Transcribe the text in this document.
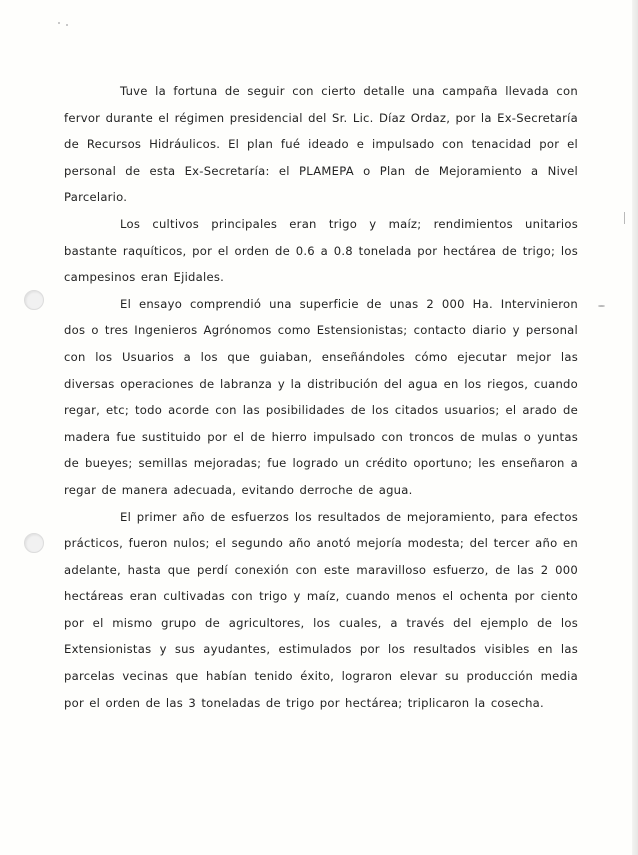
Tuve la fortuna de seguir con cierto detalle una campaña llevada con fervor durante el régimen presidencial del Sr. Lic. Díaz Ordaz, por la Ex-Secretaría de Recursos Hidráulicos. El plan fué ideado e impulsado con tenacidad por el personal de esta Ex-Secretaría: el PLAMEPA o Plan de Mejoramiento a Nivel Parcelario.

Los cultivos principales eran trigo y maíz; rendimientos unitarios bastante raquíticos, por el orden de 0.6 a 0.8 tonelada por hectárea de trigo; los campesinos eran Ejidales.

El ensayo comprendió una superficie de unas 2 000 Ha. Intervinieron dos o tres Ingenieros Agrónomos como Estensionistas; contacto diario y personal con los Usuarios a los que guiaban, enseñándoles cómo ejecutar mejor las diversas operaciones de labranza y la distribución del agua en los riegos, cuando regar, etc; todo acorde con las posibilidades de los citados usuarios; el arado de madera fue sustituido por el de hierro impulsado con troncos de mulas o yuntas de bueyes; semillas mejoradas; fue logrado un crédito oportuno; les enseñaron a regar de manera adecuada, evitando derroche de agua.

El primer año de esfuerzos los resultados de mejoramiento, para efectos prácticos, fueron nulos; el segundo año anotó mejoría modesta; del tercer año en adelante, hasta que perdí conexión con este maravilloso esfuerzo, de las 2 000 hectáreas eran cultivadas con trigo y maíz, cuando menos el ochenta por ciento por el mismo grupo de agricultores, los cuales, a través del ejemplo de los Extensionistas y sus ayudantes, estimulados por los resultados visibles en las parcelas vecinas que habían tenido éxito, lograron elevar su producción media por el orden de las 3 toneladas de trigo por hectárea; triplicaron la cosecha.
